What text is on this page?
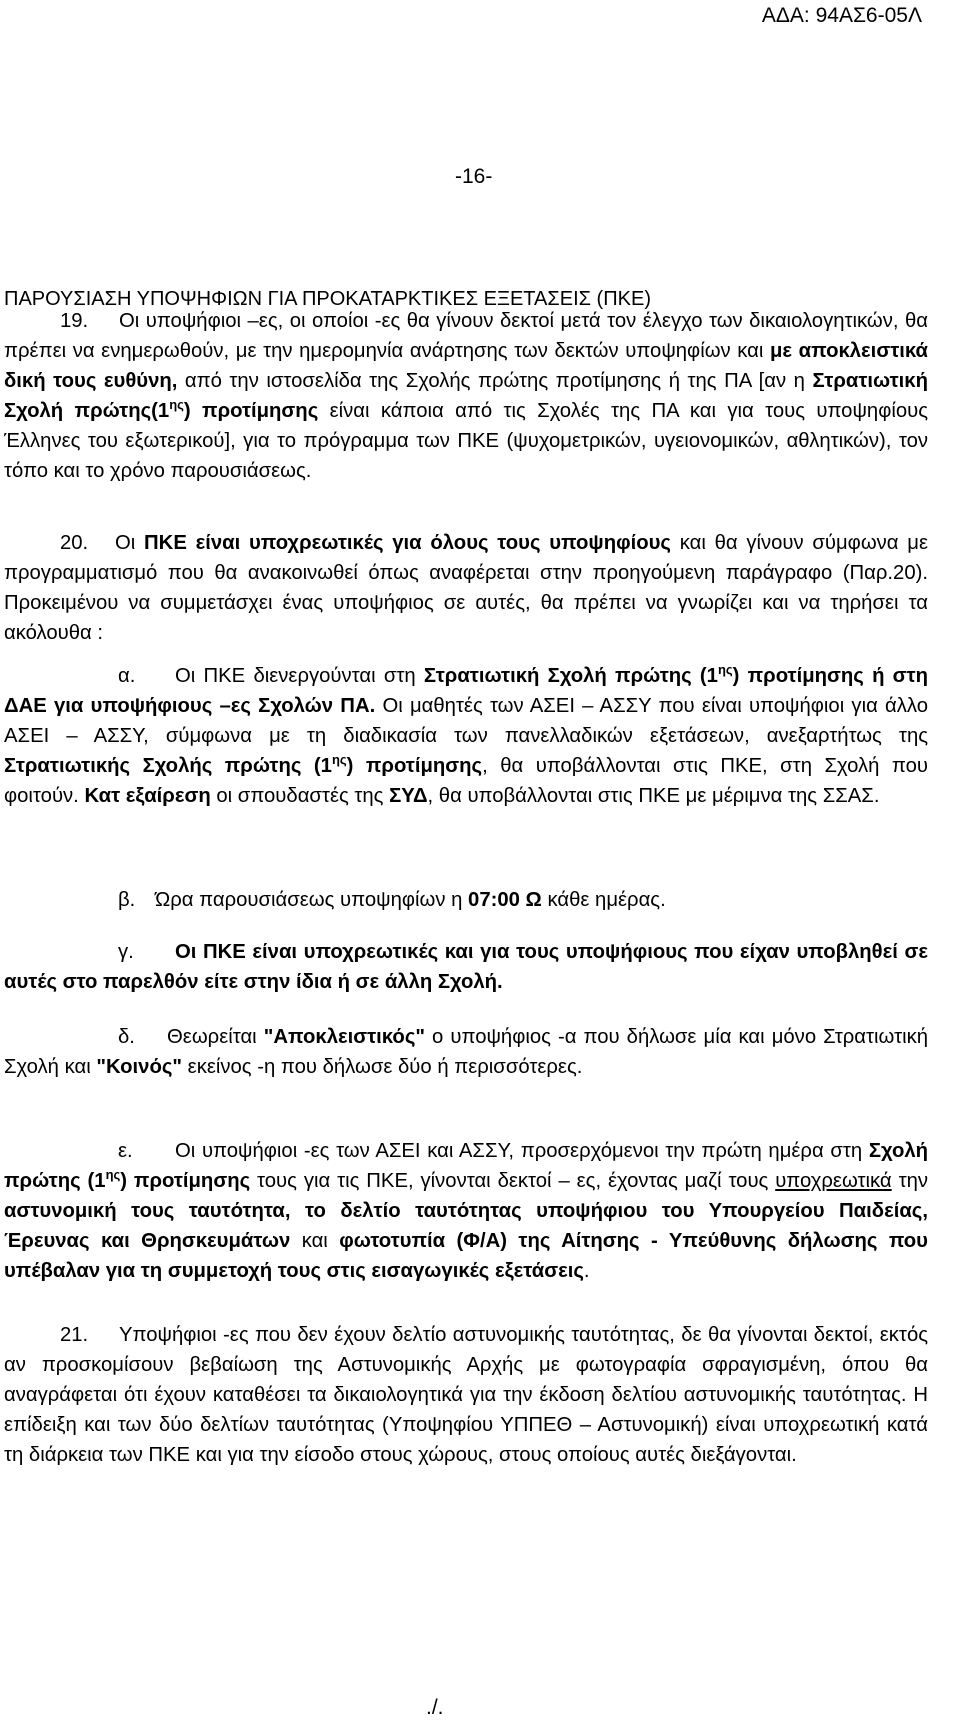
ΑΔΑ: 94ΑΣ6-05Λ
-16-
ΠΑΡΟΥΣΙΑΣΗ ΥΠΟΨΗΦΙΩΝ ΓΙΑ ΠΡΟΚΑΤΑΡΚΤΙΚΕΣ ΕΞΕΤΑΣΕΙΣ (ΠΚΕ)

19. Οι υποψήφιοι –ες, οι οποίοι -ες θα γίνουν δεκτοί μετά τον έλεγχο των δικαιολογητικών, θα πρέπει να ενημερωθούν, με την ημερομηνία ανάρτησης των δεκτών υποψηφίων και με αποκλειστικά δική τους ευθύνη, από την ιστοσελίδα της Σχολής πρώτης προτίμησης ή της ΠΑ [αν η Στρατιωτική Σχολή $\pi\rho ώ\tau\eta\varsigma(1^{\eta\varsigma})$ προτίμησης είναι κάποια από τις Σχολές της ΠΑ και για τους υποψηφίους Έλληνες του εξωτερικού], για το πρόγραμμα των ΠΚΕ (ψυχομετρικών, υγειονομικών, αθλητικών), τον τόπο και το χρόνο παρουσιάσεως.

20. Οι ΠΚΕ είναι υποχρεωτικές για όλους τους υποψηφίους και θα γίνουν σύμφωνα με προγραμματισμό που θα ανακοινωθεί όπως αναφέρεται στην προηγούμενη παράγραφο (Παρ.20). Προκειμένου να συμμετάσχει ένας υποψήφιος σε αυτές, θα πρέπει να γνωρίζει και να τηρήσει τα ακόλουθα :

α. Οι ΠΚΕ διενεργούνται στη Στρατιωτική Σχολή πρώτης $(1^{\eta\varsigma})$ προτίμησης ή στη ΔΑΕ για υποψήφιους –ες Σχολών ΠΑ. Οι μαθητές των ΑΣΕΙ – ΑΣΣΥ που είναι υποψήφιοι για άλλο ΑΣΕΙ – ΑΣΣΥ, σύμφωνα με τη διαδικασία των πανελλαδικών εξετάσεων, ανεξαρτήτως της Στρατιωτικής Σχολής πρώτης $(1^{\eta\varsigma})$ προτίμησης, θα υποβάλλονται στις ΠΚΕ, στη Σχολή που φοιτούν. Κατ εξαίρεση οι σπουδαστές της ΣΥΔ, θα υποβάλλονται στις ΠΚΕ με μέριμνα της ΣΣΑΣ.

β. Ώρα παρουσιάσεως υποψηφίων η 07:00 Ω κάθε ημέρας.

γ. Οι ΠΚΕ είναι υποχρεωτικές και για τους υποψήφιους που είχαν υποβληθεί σε αυτές στο παρελθόν είτε στην ίδια ή σε άλλη Σχολή.

δ. Θεωρείται "Αποκλειστικός" ο υποψήφιος -α που δήλωσε μία και μόνο Στρατιωτική Σχολή και "Κοινός" εκείνος -η που δήλωσε δύο ή περισσότερες.

ε. Οι υποψήφιοι -ες των ΑΣΕΙ και ΑΣΣΥ, προσερχόμενοι την πρώτη ημέρα στη Σχολή πρώτης $(1^{\eta\varsigma})$ προτίμησης τους για τις ΠΚΕ, γίνονται δεκτοί – ες, έχοντας μαζί τους υποχρεωτικά την αστυνομική τους ταυτότητα, το δελτίο ταυτότητας υποψήφιου του Υπουργείου Παιδείας, Έρευνας και Θρησκευμάτων και φωτοτυπία (Φ/Α) της Αίτησης - Υπεύθυνης δήλωσης που υπέβαλαν για τη συμμετοχή τους στις εισαγωγικές εξετάσεις.

21. Υποψήφιοι -ες που δεν έχουν δελτίο αστυνομικής ταυτότητας, δε θα γίνονται δεκτοί, εκτός αν προσκομίσουν βεβαίωση της Αστυνομικής Αρχής με φωτογραφία σφραγισμένη, όπου θα αναγράφεται ότι έχουν καταθέσει τα δικαιολογητικά για την έκδοση δελτίου αστυνομικής ταυτότητας. Η επίδειξη και των δύο δελτίων ταυτότητας (Υποψηφίου ΥΠΠΕΘ – Αστυνομική) είναι υποχρεωτική κατά τη διάρκεια των ΠΚΕ και για την είσοδο στους χώρους, στους οποίους αυτές διεξάγονται.

./.
